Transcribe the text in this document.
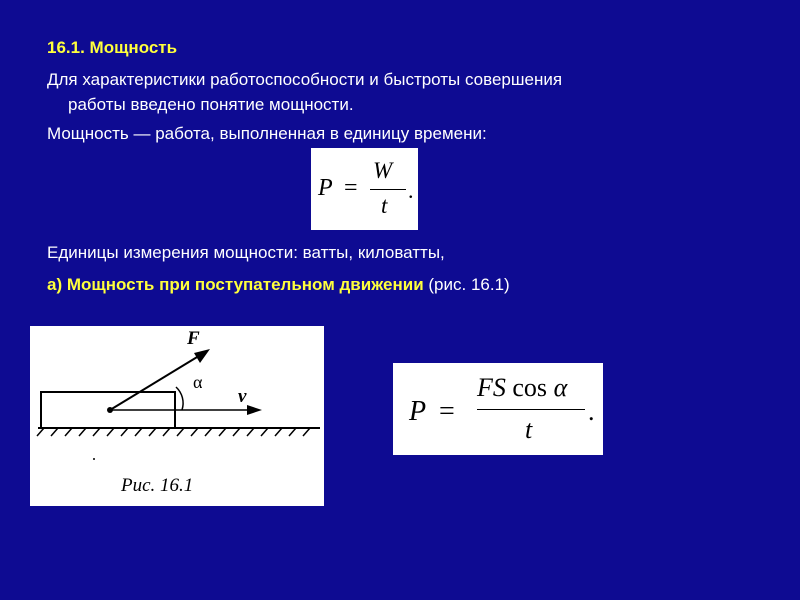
16.1. Мощность
Для характеристики работоспособности и быстроты совершения
работы введено понятие мощности.
Мощность — работа, выполненная в единицу времени:
P =
W
t
.
Единицы измерения мощности: ватты, киловатты,
а) Мощность при поступательном движении (рис. 16.1)
F
α
v
Рис. 16.1
P =
FS cos α
t
.
